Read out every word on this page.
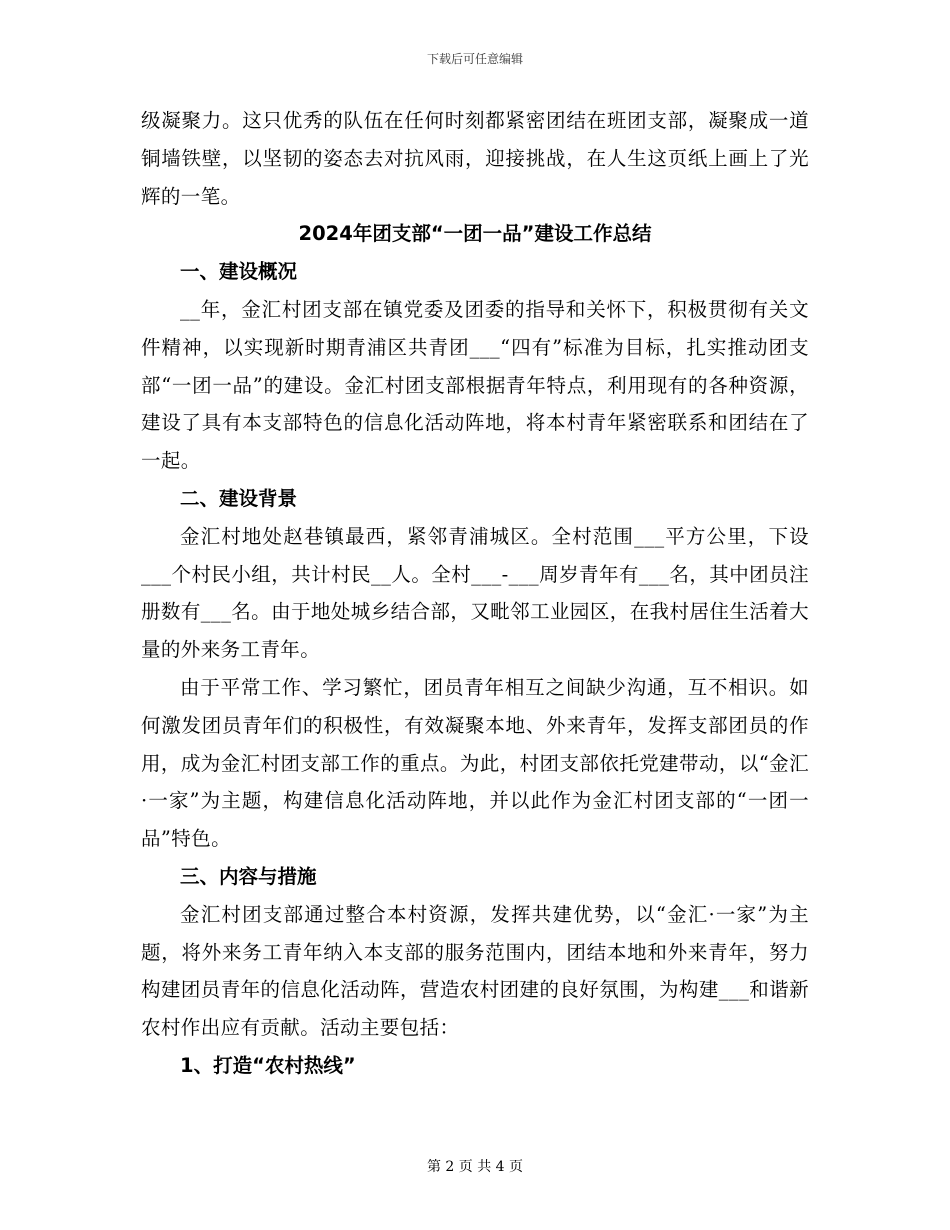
下载后可任意编辑

级凝聚力。这只优秀的队伍在任何时刻都紧密团结在班团支部，凝聚成一道铜墙铁壁，以坚韧的姿态去对抗风雨，迎接挑战，在人生这页纸上画上了光辉的一笔。

2024年团支部“一团一品”建设工作总结

一、建设概况

__年，金汇村团支部在镇党委及团委的指导和关怀下，积极贯彻有关文件精神，以实现新时期青浦区共青团___“四有”标准为目标，扎实推动团支部“一团一品”的建设。金汇村团支部根据青年特点，利用现有的各种资源，建设了具有本支部特色的信息化活动阵地，将本村青年紧密联系和团结在了一起。

二、建设背景

金汇村地处赵巷镇最西，紧邻青浦城区。全村范围___平方公里，下设___个村民小组，共计村民__人。全村___-___周岁青年有___名，其中团员注册数有___名。由于地处城乡结合部，又毗邻工业园区，在我村居住生活着大量的外来务工青年。

由于平常工作、学习繁忙，团员青年相互之间缺少沟通，互不相识。如何激发团员青年们的积极性，有效凝聚本地、外来青年，发挥支部团员的作用，成为金汇村团支部工作的重点。为此，村团支部依托党建带动，以“金汇·一家”为主题，构建信息化活动阵地，并以此作为金汇村团支部的“一团一品”特色。

三、内容与措施

金汇村团支部通过整合本村资源，发挥共建优势，以“金汇·一家”为主题，将外来务工青年纳入本支部的服务范围内，团结本地和外来青年，努力构建团员青年的信息化活动阵，营造农村团建的良好氛围，为构建___和谐新农村作出应有贡献。活动主要包括：

1、打造“农村热线”

第 2 页 共 4 页
